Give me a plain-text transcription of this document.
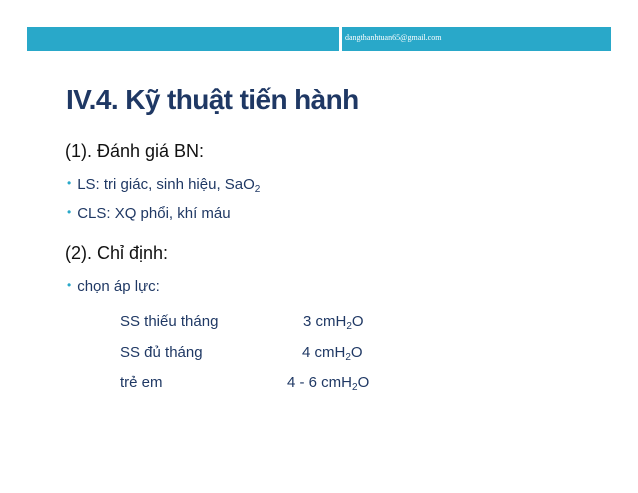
dangthanhtuan65@gmail.com
IV.4. Kỹ thuật tiến hành
(1). Đánh giá BN:
• LS: tri giác, sinh hiệu, SaO$_2$
• CLS: XQ phổi, khí máu
(2). Chỉ định:
• chọn áp lực:
SS thiếu tháng	3 cmH$_2$O
SS đủ tháng	4 cmH$_2$O
trẻ em	4 - 6 cmH$_2$O
